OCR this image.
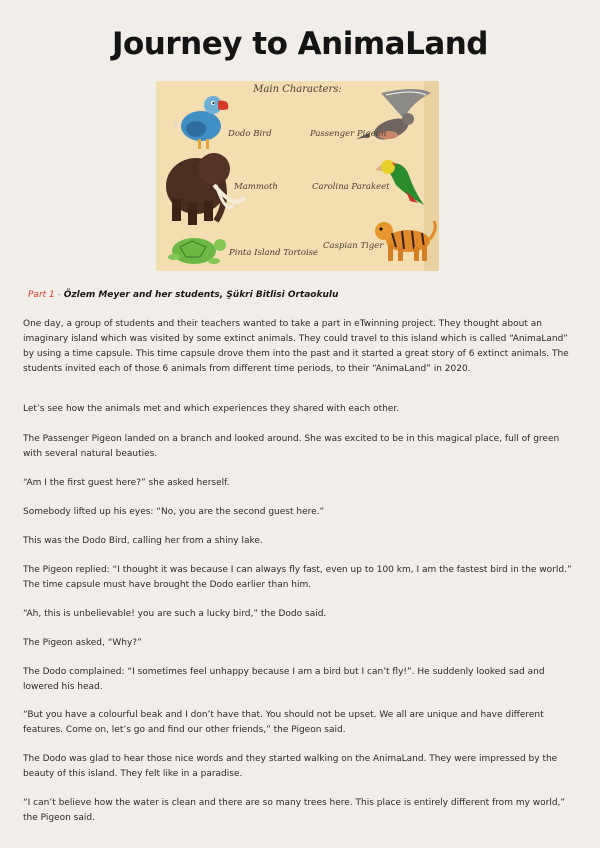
Journey to AnimaLand
Main Characters:
Dodo Bird	Passenger Pigeon
Mammoth	Carolina Parakeet
Pinta Island Tortoise
Caspian Tiger
Part 1 - Özlem Meyer and her students, Şükri Bitlisi Ortaokulu

One day, a group of students and their teachers wanted to take a part in eTwinning project. They thought about an imaginary island which was visited by some extinct animals. They could travel to this island which is called “AnimaLand” by using a time capsule. This time capsule drove them into the past and it started a great story of 6 extinct animals. The students invited each of those 6 animals from different time periods, to their “AnimaLand” in 2020.

Let’s see how the animals met and which experiences they shared with each other.

The Passenger Pigeon landed on a branch and looked around. She was excited to be in this magical place, full of green with several natural beauties.

“Am I the first guest here?” she asked herself.

Somebody lifted up his eyes: “No, you are the second guest here.”

This was the Dodo Bird, calling her from a shiny lake.

The Pigeon replied: “I thought it was because I can always fly fast, even up to 100 km, I am the fastest bird in the world.” The time capsule must have brought the Dodo earlier than him.

“Ah, this is unbelievable! you are such a lucky bird,” the Dodo said.

The Pigeon asked, “Why?”

The Dodo complained: “I sometimes feel unhappy because I am a bird but I can’t fly!”. He suddenly looked sad and lowered his head.

“But you have a colourful beak and I don’t have that. You should not be upset. We all are unique and have different features. Come on, let’s go and find our other friends,” the Pigeon said.

The Dodo was glad to hear those nice words and they started walking on the AnimaLand. They were impressed by the beauty of this island. They felt like in a paradise.

“I can’t believe how the water is clean and there are so many trees here. This place is entirely different from my world,” the Pigeon said.
